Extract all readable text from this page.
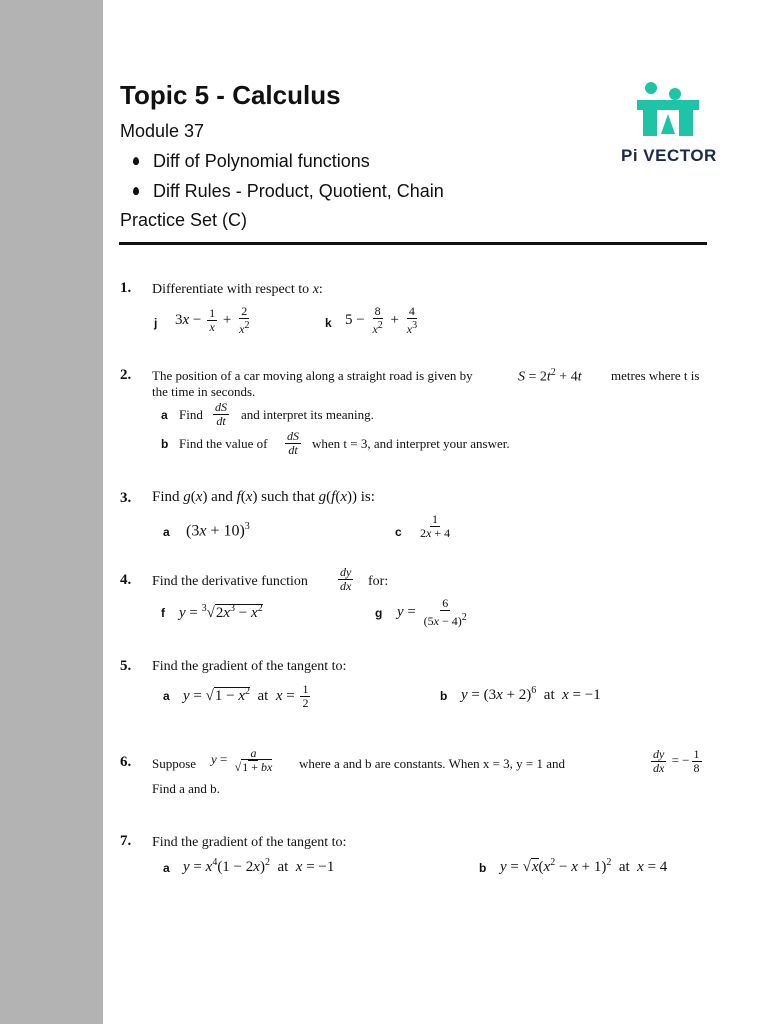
Topic 5 - Calculus
Module 37
Diff of Polynomial functions
Diff Rules - Product, Quotient, Chain
Practice Set (C)
Pi VECTOR
1. Differentiate with respect to x:
j $3x - \frac{1}{x} + \frac{2}{x^2}$	k $5 - \frac{8}{x^2} + \frac{4}{x^3}$
2. The position of a car moving along a straight road is given by	$S = 2t^2 + 4t$ metres where t is
the time in seconds.
a Find $\frac{dS}{dt}$ and interpret its meaning.
b Find the value of $\frac{dS}{dt}$ when t = 3, and interpret your answer.
3. Find g(x) and f(x) such that g(f(x)) is:
a $(3x + 10)^3$	c $\frac{1}{2x + 4}$
4. Find the derivative function	$\frac{dy}{dx}$ for:
f $y = ^3√2x^3 - x^2$	g $y = \frac{6}{(5x - 4)^2}$
5. Find the gradient of the tangent to:
a $y = √1 - x^2$  at  $x = \frac{1}{2}$	b $y = (3x + 2)^6$  at  x = −1
6. Suppose $y = \frac{a}{√1 + bx}$ where a and b are constants. When x = 3, y = 1 and	$\frac{dy}{dx}$ = − $\frac{1}{8}$
Find a and b.
7. Find the gradient of the tangent to:
a $y = x^4(1 - 2x)^2$  at  x = −1	b $y = √x(x^2 - x + 1)^2$  at  x = 4
